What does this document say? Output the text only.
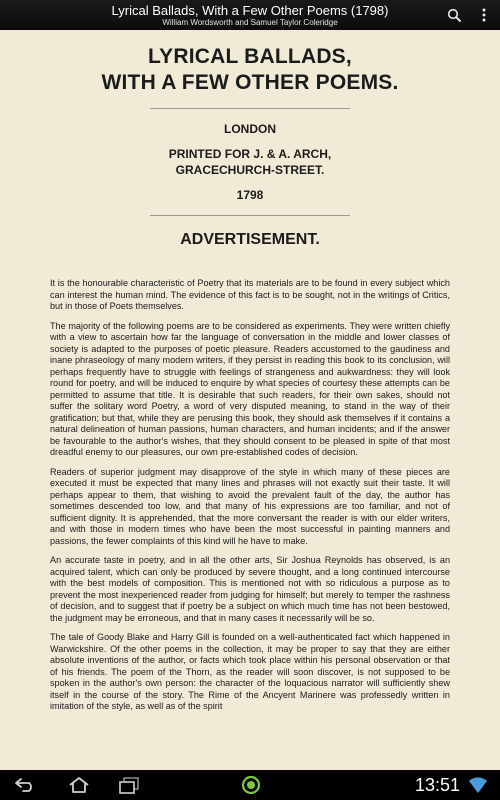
Lyrical Ballads, With a Few Other Poems (1798)
William Wordsworth and Samuel Taylor Coleridge
LYRICAL BALLADS,
WITH A FEW OTHER POEMS.
LONDON
PRINTED FOR J. & A. ARCH,
GRACECHURCH-STREET.
1798
ADVERTISEMENT.

It is the honourable characteristic of Poetry that its materials are to be found in every subject which can interest the human mind. The evidence of this fact is to be sought, not in the writings of Critics, but in those of Poets themselves.

The majority of the following poems are to be considered as experiments. They were written chiefly with a view to ascertain how far the language of conversation in the middle and lower classes of society is adapted to the purposes of poetic pleasure. Readers accustomed to the gaudiness and inane phraseology of many modern writers, if they persist in reading this book to its conclusion, will perhaps frequently have to struggle with feelings of strangeness and aukwardness: they will look round for poetry, and will be induced to enquire by what species of courtesy these attempts can be permitted to assume that title. It is desirable that such readers, for their own sakes, should not suffer the solitary word Poetry, a word of very disputed meaning, to stand in the way of their gratification; but that, while they are perusing this book, they should ask themselves if it contains a natural delineation of human passions, human characters, and human incidents; and if the answer be favourable to the author's wishes, that they should consent to be pleased in spite of that most dreadful enemy to our pleasures, our own pre-established codes of decision.

Readers of superior judgment may disapprove of the style in which many of these pieces are executed it must be expected that many lines and phrases will not exactly suit their taste. It will perhaps appear to them, that wishing to avoid the prevalent fault of the day, the author has sometimes descended too low, and that many of his expressions are too familiar, and not of sufficient dignity. It is apprehended, that the more conversant the reader is with our elder writers, and with those in modern times who have been the most successful in painting manners and passions, the fewer complaints of this kind will he have to make.

An accurate taste in poetry, and in all the other arts, Sir Joshua Reynolds has observed, is an acquired talent, which can only be produced by severe thought, and a long continued intercourse with the best models of composition. This is mentioned not with so ridiculous a purpose as to prevent the most inexperienced reader from judging for himself; but merely to temper the rashness of decision, and to suggest that if poetry be a subject on which much time has not been bestowed, the judgment may be erroneous, and that in many cases it necessarily will be so.

The tale of Goody Blake and Harry Gill is founded on a well-authenticated fact which happened in Warwickshire. Of the other poems in the collection, it may be proper to say that they are either absolute inventions of the author, or facts which took place within his personal observation or that of his friends. The poem of the Thorn, as the reader will soon discover, is not supposed to be spoken in the author's own person: the character of the loquacious narrator will sufficiently shew itself in the course of the story. The Rime of the Ancyent Marinere was professedly written in imitation of the style, as well as of the spirit

13:51
